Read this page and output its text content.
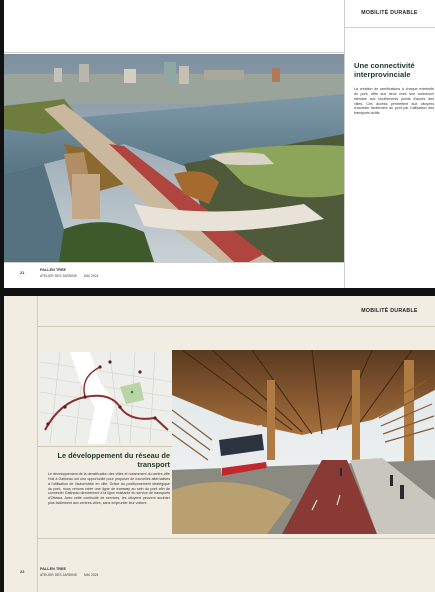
MOBILITÉ DURABLE
Une connectivité interprovinciale
La création de ramifications à chaque extrémité du pont, offre aux deux rives une connexion étendue aux bouffements points d'accès des villes. Ces accèss permettent aux citoyens d'accéder facilement au pont par l'utilisation des transports actifs.
21	PALLEN TREE
ATELIER DES JARDINS MAI 2024
MOBILITÉ DURABLE
Le développement du réseau de transport
Le développement de la densification des villes et notamment du centre-ville Hull à Gatineau ont une opportunité pour proposer de nouvelles alternatives à l'utilisation de l'automobile en ville. Grâce au positionnement stratégique du pont, nous venons créer une ligne de tramway au sein du pont afin de connecter Gatineau directement à la ligne existante du service de transports d'Ottawa. Avec cette continuité de services, les citoyens peuvent accéder plus facilement aux centres-villes, sans emprunter leur voiture.
22	PALLEN TREE
ATELIER DES JARDINS MAI 2024
